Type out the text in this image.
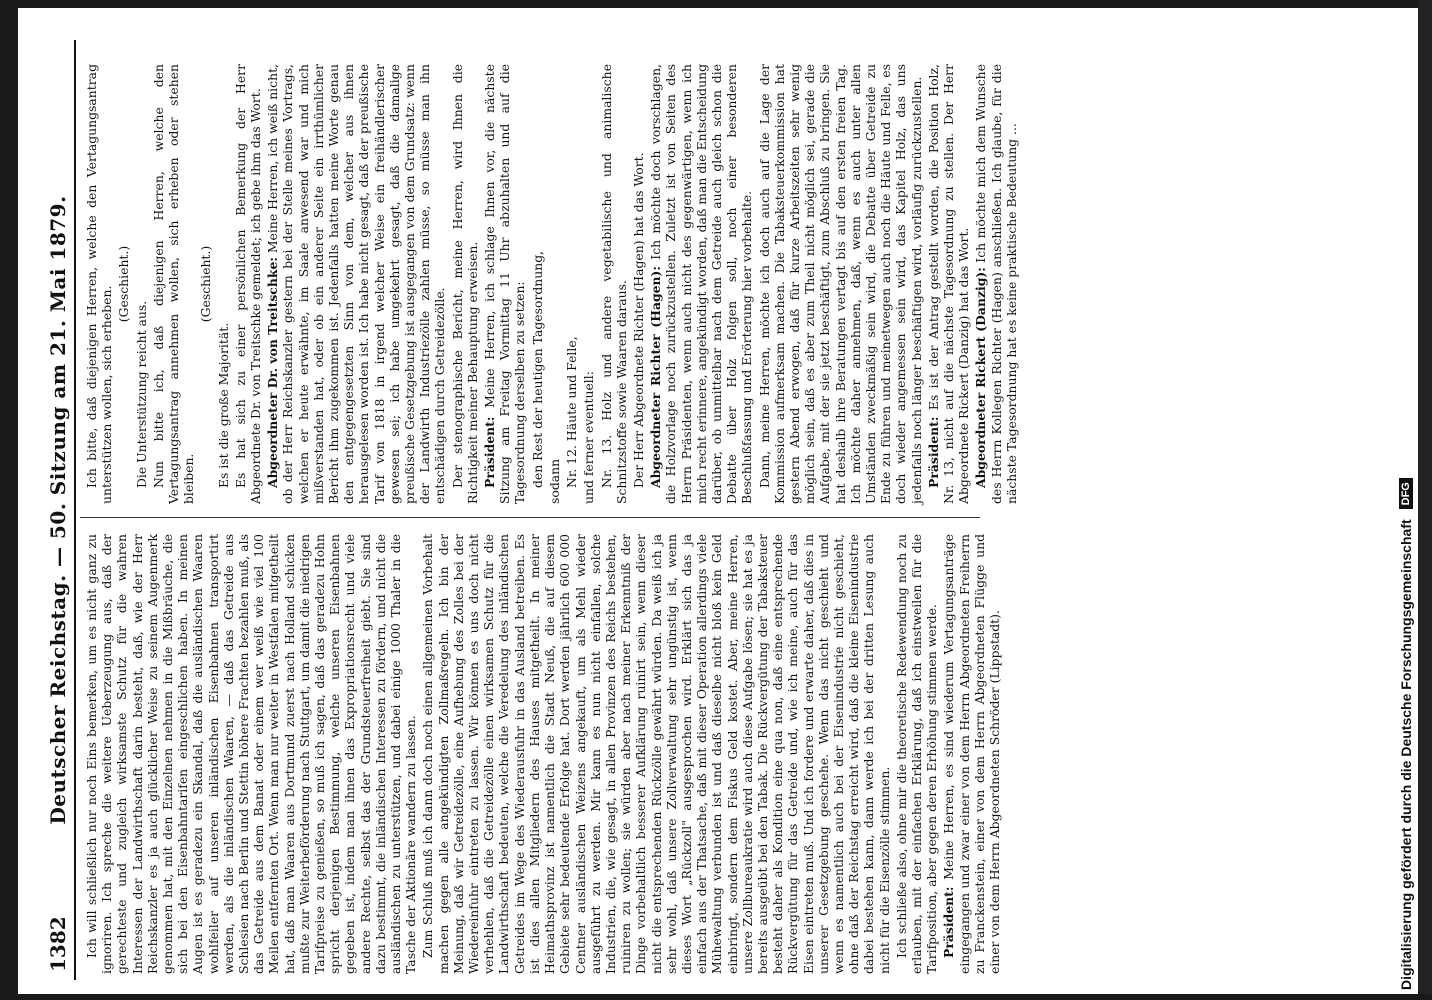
1382
Deutscher Reichstag. — 50. Sitzung am 21. Mai 1879. Ich will schließlich nur noch Eins bemerken, um es nicht ganz zu ignoriren. Ich spreche die weitere Ueberzeugung aus, daß der gerechteste und zugleich wirksamste Schutz für die wahren Interessen der Landwirthschaft darin besteht, daß, wie der Herr Reichskanzler es ja auch glücklicher Weise zu seinem Augenmerk genommen hat, mit den Einzelnen nehmen in die Mißbräuche, die sich bei den Eisenbahntarifen eingeschlichen haben. In meinen Augen ist es geradezu ein Skandal, daß die ausländischen Waaren wohlfeiler auf unseren inländischen Eisenbahnen transportirt werden, als die inländischen Waaren, — daß das Getreide aus Schlesien nach Berlin und Stettin höhere Frachten bezahlen muß, als das Getreide aus dem Banat oder einem wer weiß wie viel 100 Meilen entfernten Ort. Wenn man nur weiter in Westfalen mitgetheilt hat, daß man Waaren aus Dortmund zuerst nach Holland schicken mußte zur Weiterbeförderung nach Stuttgart, um damit die niedrigen Tarifpreise zu genießen, so muß ich sagen, daß das geradezu Hohn spricht derjenigen Bestimmung, welche unseren Eisenbahnen gegeben ist, indem man ihnen das Expropriationsrecht und viele andere Rechte, selbst das der Grundsteuerfreiheit giebt. Sie sind dazu bestimmt, die inländischen Interessen zu fördern, und nicht die ausländischen zu unterstützen, und dabei einige 1000 Thaler in die Tasche der Aktionäre wandern zu lassen. Zum Schluß muß ich dann doch noch einen allgemeinen Vorbehalt machen gegen alle angekündigten Zollmaßregeln. Ich bin der Meinung, daß wir Getreidezölle, eine Aufhebung des Zolles bei der Wiedereinfuhr eintreten zu lassen. Wir können es uns doch nicht verhehlen, daß die Getreidezölle einen wirksamen Schutz für die Landwirthschaft bedeuten, welche die Veredelung des inländischen Getreides im Wege des Wiederausfuhr in das Ausland betreiben. Es ist dies allen Mitgliedern des Hauses mitgetheilt. In meiner Heimathsprovinz ist namentlich die Stadt Neuß, die auf diesem Gebiete sehr bedeutende Erfolge hat. Dort werden jährlich 600 000 Centner ausländischen Weizens angekauft, um als Mehl wieder ausgeführt zu werden. Mir kann es nun nicht einfallen, solche Industrien, die, wie gesagt, in allen Provinzen des Reichs bestehen, ruiniren zu wollen; sie würden aber nach meiner Erkenntniß der Dinge vorbehaltlich besserer Aufklärung ruinirt sein, wenn dieser nicht die entsprechenden Rückzölle gewährt würden. Da weiß ich ja sehr wohl, daß unsere Zollverwaltung sehr ungünstig ist, wenn dieses Wort „Rückzoll" ausgesprochen wird. Erklärt sich das ja einfach aus der Thatsache, daß mit dieser Operation allerdings viele Mühewaltung verbunden ist und daß dieselbe nicht bloß kein Geld einbringt, sondern dem Fiskus Geld kostet. Aber, meine Herren, unsere Zollbureaukratie wird auch diese Aufgabe lösen; sie hat es ja bereits ausgeübt bei den Tabak. Die Rückvergütung der Tabaksteuer besteht daher als Kondition eine qua non, daß eine entsprechende Rückvergütung für das Getreide und, wie ich meine, auch für das Eisen eintreten muß. Und ich fordere und erwarte daher, daß dies in unserer Gesetzgebung geschehe. Wenn das nicht geschieht und wenn es namentlich auch bei der Eisenindustrie nicht geschieht, ohne daß der Reichstag erreicht wird, daß die kleine Eisenindustrie dabei bestehen kann, dann werde ich bei der dritten Lesung auch nicht für die Eisenzölle stimmen. Ich schließe also, ohne mir die theoretische Redewendung noch zu erlauben, mit der einfachen Erklärung, daß ich einstweilen für die Tarifposition, aber gegen deren Erhöhung stimmen werde. Präsident: Meine Herren, es sind wiederum Vertagungsanträge eingegangen und zwar einer von dem Herrn Abgeordneten Freiherrn zu Franckenstein, einer von dem Herrn Abgeordneten Flügge und einer von dem Herrn Abgeordneten Schröder (Lippstadt).

Ich bitte, daß diejenigen Herren, welche den Vertagungsantrag unterstützen wollen, sich erheben.

(Geschieht.)

Die Unterstützung reicht aus. Nun bitte ich, daß diejenigen Herren, welche den Vertagungsantrag annehmen wollen, sich erheben oder stehen bleiben.

(Geschieht.)

Es ist die große Majorität. Es hat sich zu einer persönlichen Bemerkung der Herr Abgeordnete Dr. von Treitschke gemeldet; ich gebe ihm das Wort. Abgeordneter Dr. von Treitschke: Meine Herren, ich weiß nicht, ob der Herr Reichskanzler gestern bei der Stelle meines Vortrags, welchen er heute erwähnte, im Saale anwesend war und mich mißverstanden hat, oder ob ein anderer Seite ein irrthümlicher Bericht ihm zugekommen ist. Jedenfalls hatten meine Worte genau den entgegengesetzten Sinn von dem, welcher aus ihnen herausgelesen worden ist. Ich habe nicht gesagt, daß der preußische Tarif von 1818 in irgend welcher Weise ein freihändlerischer gewesen sei; ich habe umgekehrt gesagt, daß die damalige preußische Gesetzgebung ist ausgegangen von dem Grundsatz: wenn der Landwirth Industriezölle zahlen müsse, so müsse man ihn entschädigen durch Getreidezölle. Der stenographische Bericht, meine Herren, wird Ihnen die Richtigkeit meiner Behauptung erweisen. Präsident: Meine Herren, ich schlage Ihnen vor, die nächste Sitzung am Freitag Vormittag 11 Uhr abzuhalten und auf die Tagesordnung derselben zu setzen: den Rest der heutigen Tagesordnung, sodann Nr. 12. Häute und Felle, und ferner eventuell: Nr. 13. Holz und andere vegetabilische und animalische Schnitzstoffe sowie Waaren daraus. Der Herr Abgeordnete Richter (Hagen) hat das Wort. Abgeordneter Richter (Hagen): Ich möchte doch vorschlagen, die Holzvorlage noch zurückzustellen. Zuletzt ist von Seiten des Herrn Präsidenten, wenn auch nicht des gegenwärtigen, wenn ich mich recht erinnere, angekündigt worden, daß man die Entscheidung darüber, ob unmittelbar nach dem Getreide auch gleich schon die Debatte über Holz folgen soll, noch einer besonderen Beschlußfassung und Erörterung hier vorbehalte. Dann, meine Herren, möchte ich doch auch auf die Lage der Kommission aufmerksam machen. Die Tabaksteuerkommission hat gestern Abend erwogen, daß für kurze Arbeitszeiten sehr wenig möglich sein, daß es aber zum Theil nicht möglich sei, gerade die Aufgabe, mit der sie jetzt beschäftigt, zum Abschluß zu bringen. Sie hat deshalb ihre Beratungen vertagt bis auf den ersten freien Tag. Ich möchte daher annehmen, daß, wenn es auch unter allen Umständen zweckmäßig sein wird, die Debatte über Getreide zu Ende zu führen und meinetwegen auch noch die Häute und Felle, es doch wieder angemessen sein wird, das Kapitel Holz, das uns jedenfalls noch länger beschäftigen wird, vorläufig zurückzustellen. Präsident: Es ist der Antrag gestellt worden, die Position Holz, Nr. 13, nicht auf die nächste Tagesordnung zu stellen. Der Herr Abgeordnete Rickert (Danzig) hat das Wort. Abgeordneter Rickert (Danzig): Ich möchte mich dem Wunsche des Herrn Kollegen Richter (Hagen) anschließen. Ich glaube, für die nächste Tagesordnung hat es keine praktische Bedeutung ...

Digitalisierung gefördert durch die Deutsche Forschungsgemeinschaft
DFG
